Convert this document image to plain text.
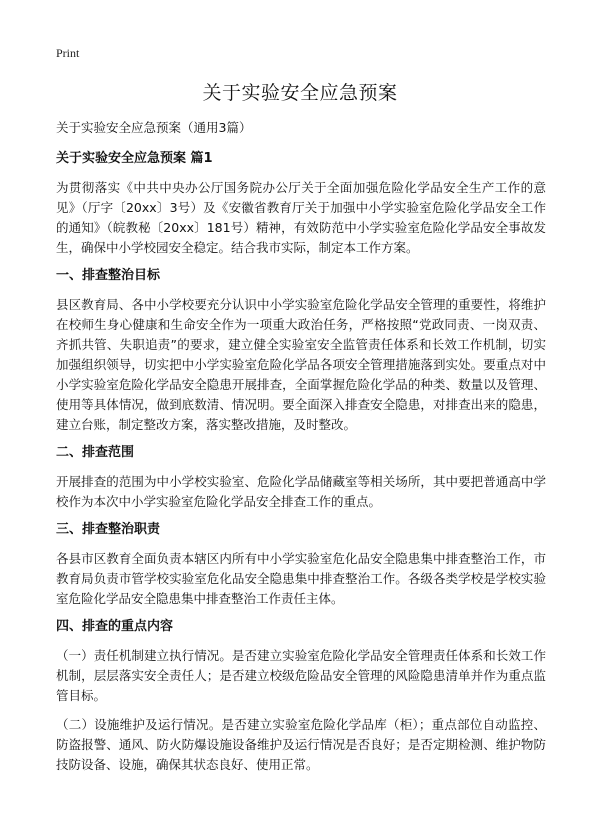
Print
关于实验安全应急预案

关于实验安全应急预案（通用3篇）

关于实验安全应急预案 篇1

为贯彻落实《中共中央办公厅国务院办公厅关于全面加强危险化学品安全生产工作的意见》（厅字〔20xx〕3号）及《安徽省教育厅关于加强中小学实验室危险化学品安全工作的通知》（皖教秘〔20xx〕181号）精神，有效防范中小学实验室危险化学品安全事故发生，确保中小学校园安全稳定。结合我市实际，制定本工作方案。

一、排查整治目标

县区教育局、各中小学校要充分认识中小学实验室危险化学品安全管理的重要性，将维护在校师生身心健康和生命安全作为一项重大政治任务，严格按照“党政同责、一岗双责、齐抓共管、失职追责”的要求，建立健全实验室安全监管责任体系和长效工作机制，切实加强组织领导，切实把中小学实验室危险化学品各项安全管理措施落到实处。要重点对中小学实验室危险化学品安全隐患开展排查，全面掌握危险化学品的种类、数量以及管理、使用等具体情况，做到底数清、情况明。要全面深入排查安全隐患，对排查出来的隐患，建立台账，制定整改方案，落实整改措施，及时整改。

二、排查范围

开展排查的范围为中小学校实验室、危险化学品储藏室等相关场所，其中要把普通高中学校作为本次中小学实验室危险化学品安全排查工作的重点。

三、排查整治职责

各县市区教育全面负责本辖区内所有中小学实验室危化品安全隐患集中排查整治工作，市教育局负责市管学校实验室危化品安全隐患集中排查整治工作。各级各类学校是学校实验室危险化学品安全隐患集中排查整治工作责任主体。

四、排查的重点内容

（一）责任机制建立执行情况。是否建立实验室危险化学品安全管理责任体系和长效工作机制，层层落实安全责任人；是否建立校级危险品安全管理的风险隐患清单并作为重点监管目标。

（二）设施维护及运行情况。是否建立实验室危险化学品库（柜）；重点部位自动监控、防盗报警、通风、防火防爆设施设备维护及运行情况是否良好；是否定期检测、维护物防技防设备、设施，确保其状态良好、使用正常。
